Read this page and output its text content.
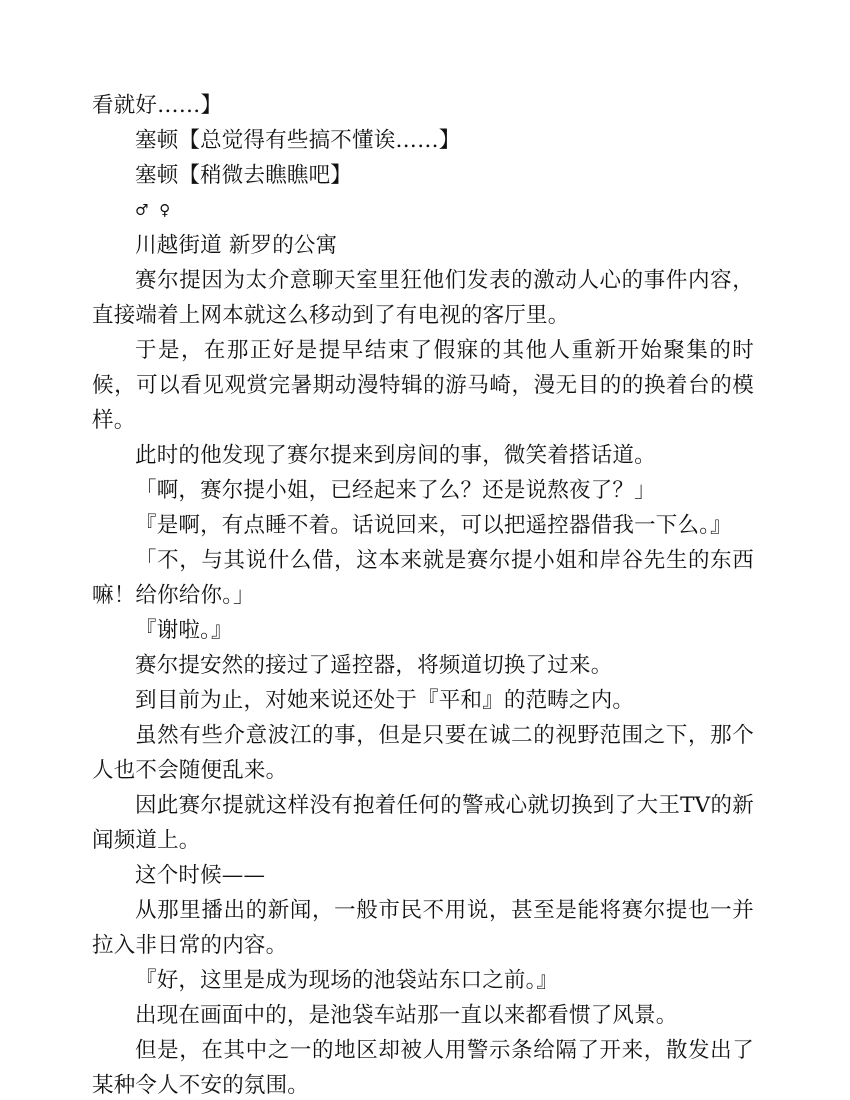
看就好……】

塞顿【总觉得有些搞不懂诶……】

塞顿【稍微去瞧瞧吧】

♂ ♀

川越街道 新罗的公寓

赛尔提因为太介意聊天室里狂他们发表的激动人心的事件内容，直接端着上网本就这么移动到了有电视的客厅里。

于是，在那正好是提早结束了假寐的其他人重新开始聚集的时候，可以看见观赏完暑期动漫特辑的游马崎，漫无目的的换着台的模样。

此时的他发现了赛尔提来到房间的事，微笑着搭话道。

「啊，赛尔提小姐，已经起来了么？还是说熬夜了？」

『是啊，有点睡不着。话说回来，可以把遥控器借我一下么。』

「不，与其说什么借，这本来就是赛尔提小姐和岸谷先生的东西嘛！给你给你。」

『谢啦。』

赛尔提安然的接过了遥控器，将频道切换了过来。

到目前为止，对她来说还处于『平和』的范畴之内。

虽然有些介意波江的事，但是只要在诚二的视野范围之下，那个人也不会随便乱来。

因此赛尔提就这样没有抱着任何的警戒心就切换到了大王TV的新闻频道上。

这个时候——

从那里播出的新闻，一般市民不用说，甚至是能将赛尔提也一并拉入非日常的内容。

『好，这里是成为现场的池袋站东口之前。』

出现在画面中的，是池袋车站那一直以来都看惯了风景。

但是，在其中之一的地区却被人用警示条给隔了开来，散发出了某种令人不安的氛围。
